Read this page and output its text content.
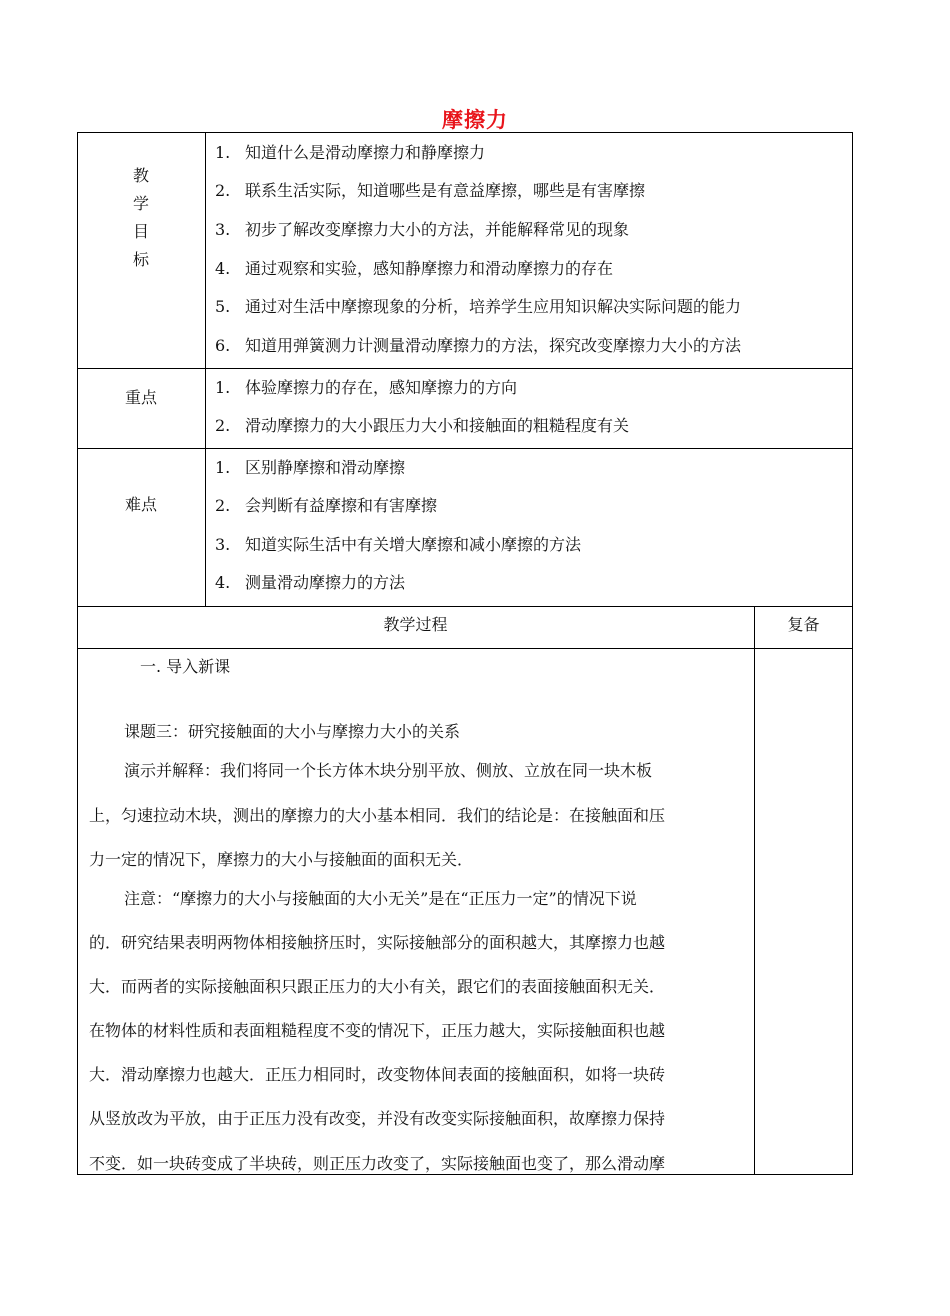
摩擦力
教
学
目
标
1. 知道什么是滑动摩擦力和静摩擦力
2. 联系生活实际，知道哪些是有意益摩擦，哪些是有害摩擦
3. 初步了解改变摩擦力大小的方法，并能解释常见的现象
4. 通过观察和实验，感知静摩擦力和滑动摩擦力的存在
5. 通过对生活中摩擦现象的分析，培养学生应用知识解决实际问题的能力
6. 知道用弹簧测力计测量滑动摩擦力的方法，探究改变摩擦力大小的方法
重点
1. 体验摩擦力的存在，感知摩擦力的方向
2. 滑动摩擦力的大小跟压力大小和接触面的粗糙程度有关
难点
1. 区别静摩擦和滑动摩擦
2. 会判断有益摩擦和有害摩擦
3. 知道实际生活中有关增大摩擦和减小摩擦的方法
4. 测量滑动摩擦力的方法
教学过程	复备
一. 导入新课
课题三：研究接触面的大小与摩擦力大小的关系
演示并解释：我们将同一个长方体木块分别平放、侧放、立放在同一块木板
上，匀速拉动木块，测出的摩擦力的大小基本相同．我们的结论是：在接触面和压
力一定的情况下，摩擦力的大小与接触面的面积无关．
注意：“摩擦力的大小与接触面的大小无关”是在“正压力一定”的情况下说
的．研究结果表明两物体相接触挤压时，实际接触部分的面积越大，其摩擦力也越
大．而两者的实际接触面积只跟正压力的大小有关，跟它们的表面接触面积无关．
在物体的材料性质和表面粗糙程度不变的情况下，正压力越大，实际接触面积也越
大．滑动摩擦力也越大．正压力相同时，改变物体间表面的接触面积，如将一块砖
从竖放改为平放，由于正压力没有改变，并没有改变实际接触面积，故摩擦力保持
不变．如一块砖变成了半块砖，则正压力改变了，实际接触面也变了，那么滑动摩
